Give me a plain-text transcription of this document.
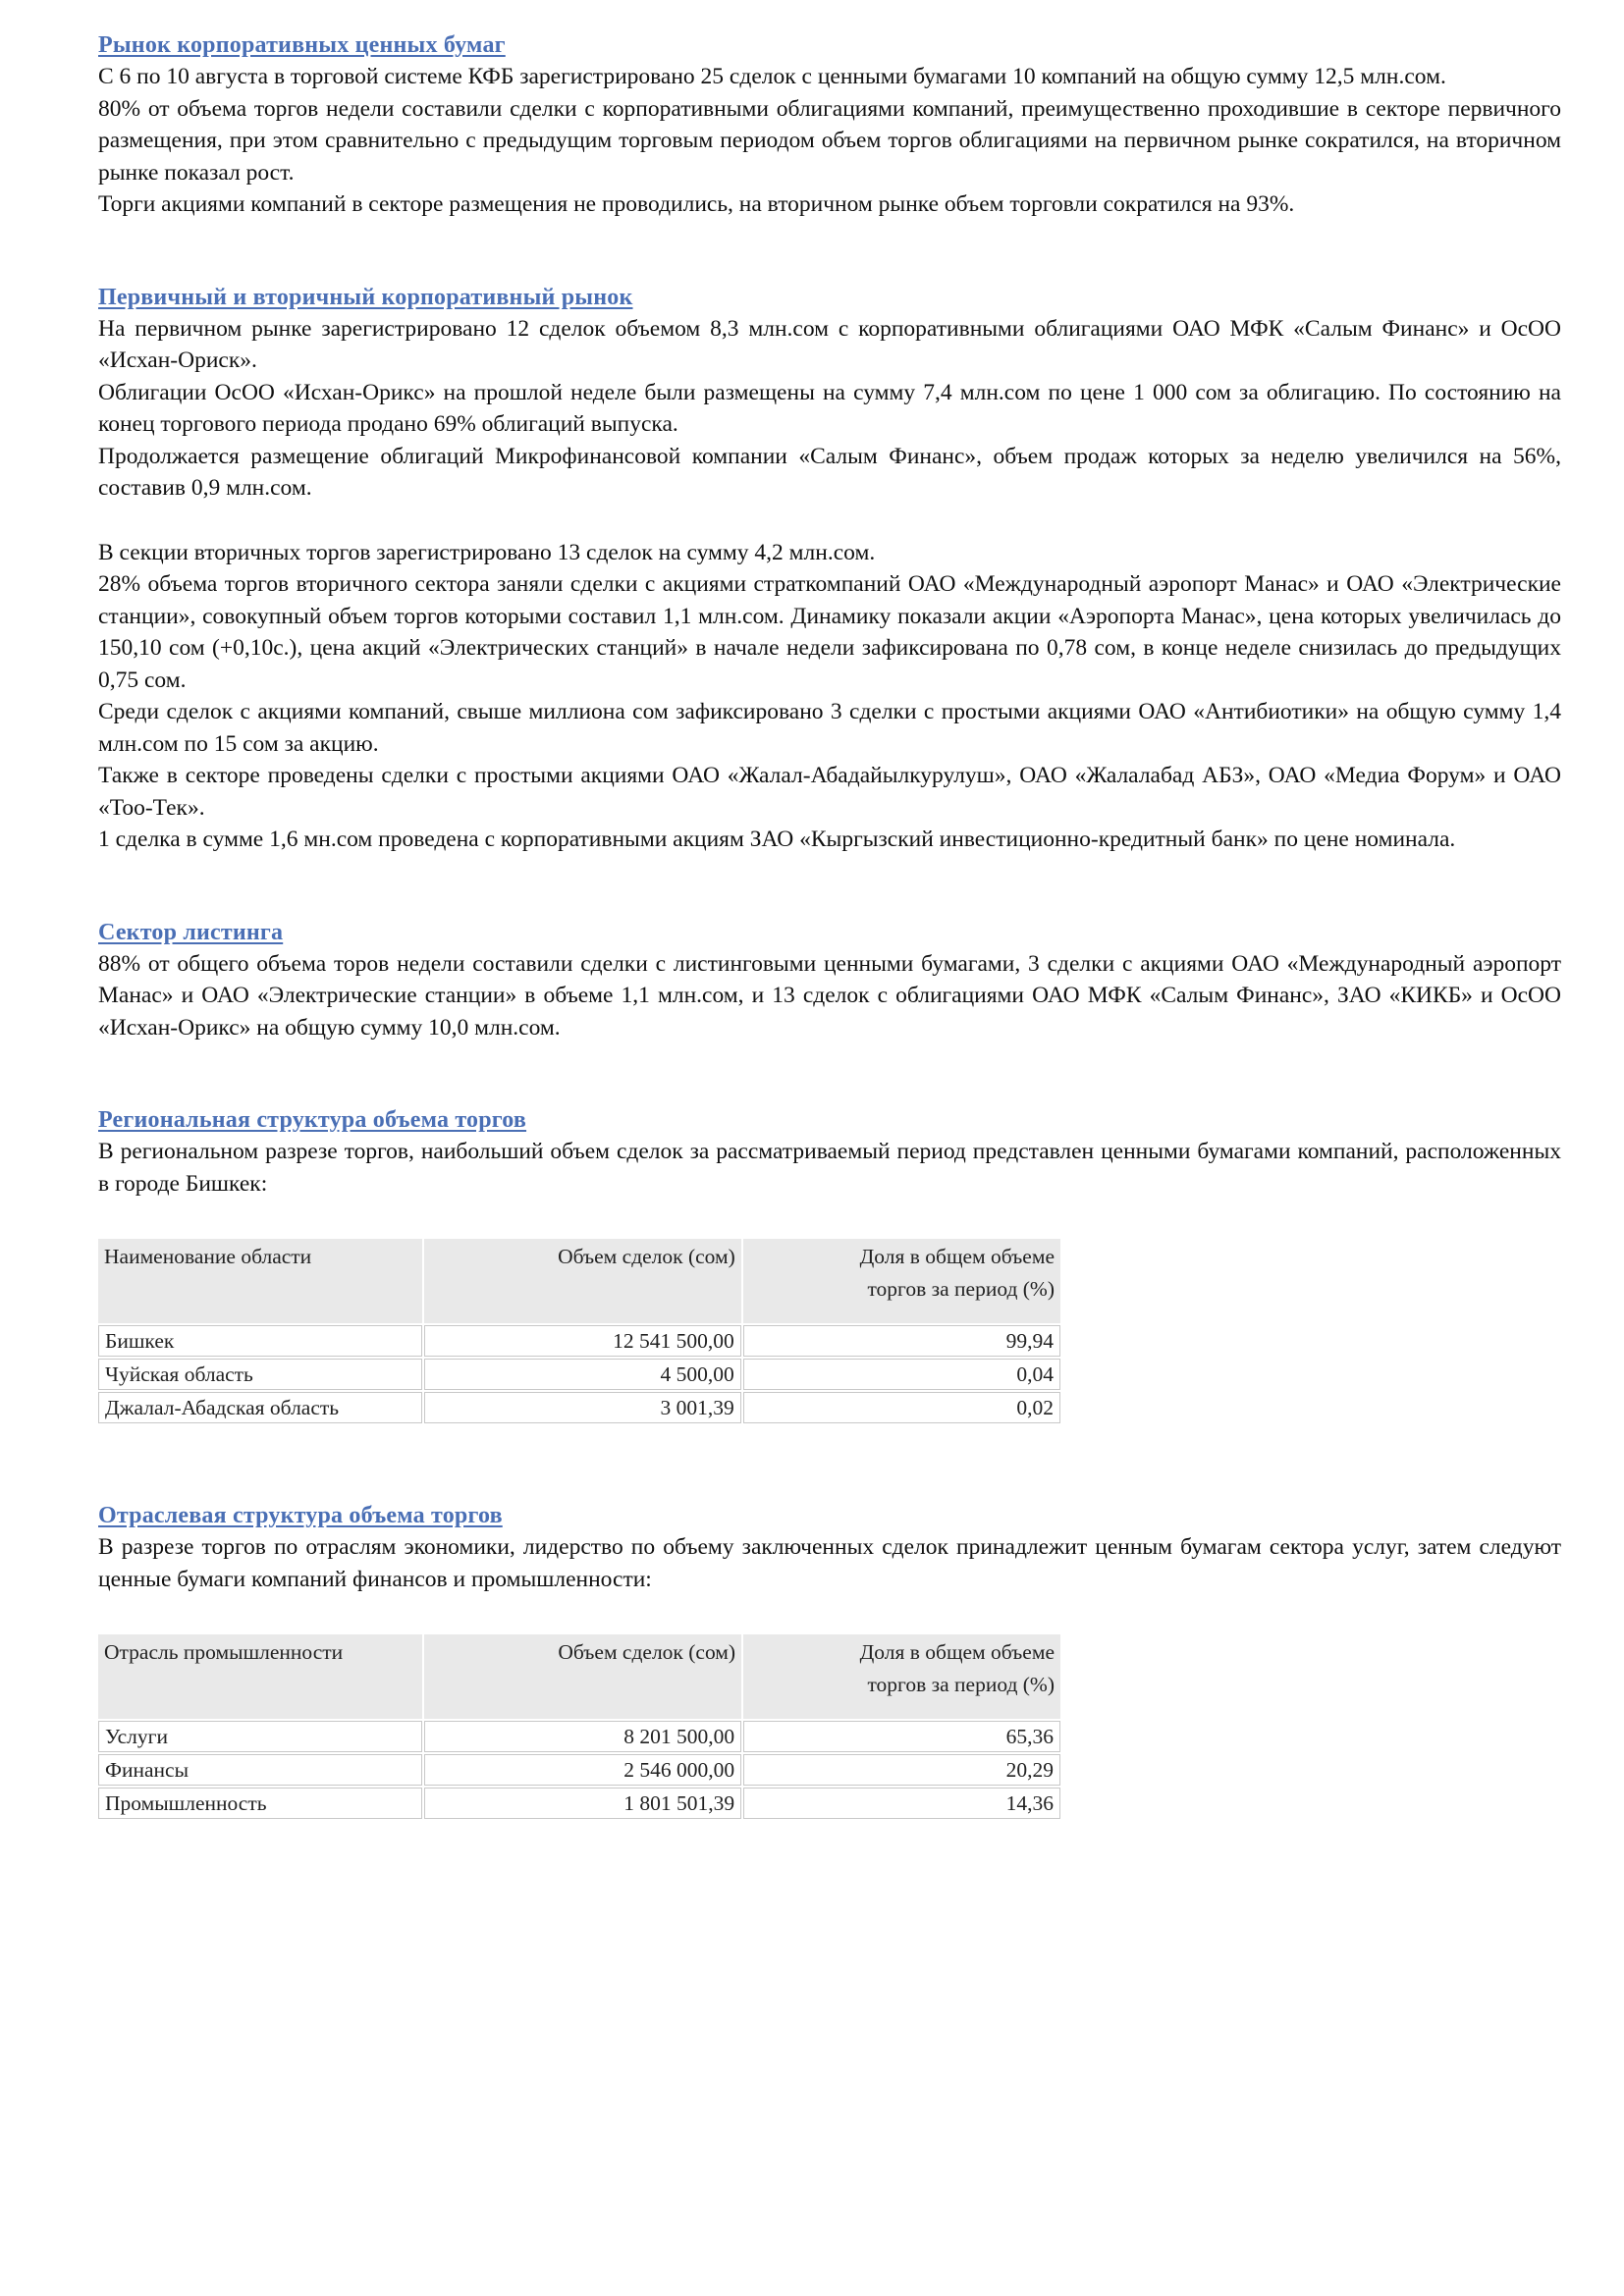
Рынок корпоративных ценных бумаг

С 6 по 10 августа в торговой системе КФБ зарегистрировано 25 сделок с ценными бумагами 10 компаний на общую сумму 12,5 млн.сом.

80% от объема торгов недели составили сделки с корпоративными облигациями компаний, преимущественно проходившие в секторе первичного размещения, при этом сравнительно с предыдущим торговым периодом объем торгов облигациями на первичном рынке сократился, на вторичном рынке показал рост.

Торги акциями компаний в секторе размещения не проводились, на вторичном рынке объем торговли сократился на 93%.

Первичный и вторичный корпоративный рынок

На первичном рынке зарегистрировано 12 сделок объемом 8,3 млн.сом с корпоративными облигациями ОАО МФК «Салым Финанс» и ОсОО «Исхан-Ориск».

Облигации ОсОО «Исхан-Орикс» на прошлой неделе были размещены на сумму 7,4 млн.сом по цене 1 000 сом за облигацию. По состоянию на конец торгового периода продано 69% облигаций выпуска.

Продолжается размещение облигаций Микрофинансовой компании «Салым Финанс», объем продаж которых за неделю увеличился на 56%, составив 0,9 млн.сом.

В секции вторичных торгов зарегистрировано 13 сделок на сумму 4,2 млн.сом.

28% объема торгов вторичного сектора заняли сделки с акциями страткомпаний ОАО «Международный аэропорт Манас» и ОАО «Электрические станции», совокупный объем торгов которыми составил 1,1 млн.сом. Динамику показали акции «Аэропорта Манас», цена которых увеличилась до 150,10 сом (+0,10с.), цена акций «Электрических станций» в начале недели зафиксирована по 0,78 сом, в конце неделе снизилась до предыдущих 0,75 сом.

Среди сделок с акциями компаний, свыше миллиона сом зафиксировано 3 сделки с простыми акциями ОАО «Антибиотики» на общую сумму 1,4 млн.сом по 15 сом за акцию.

Также в секторе проведены сделки с простыми акциями ОАО «Жалал-Абадайылкурулуш», ОАО «Жалалабад АБЗ», ОАО «Медиа Форум» и ОАО «Тоо-Тек».

1 сделка в сумме 1,6 мн.сом проведена с корпоративными акциям ЗАО «Кыргызский инвестиционно-кредитный банк» по цене номинала.

Сектор листинга

88% от общего объема торов недели составили сделки с листинговыми ценными бумагами, 3 сделки с акциями ОАО «Международный аэропорт Манас» и ОАО «Электрические станции» в объеме 1,1 млн.сом, и 13 сделок с облигациями ОАО МФК «Салым Финанс», ЗАО «КИКБ» и ОсОО «Исхан-Орикс» на общую сумму 10,0 млн.сом.

Региональная структура объема торгов

В региональном разрезе торгов, наибольший объем сделок за рассматриваемый период представлен ценными бумагами компаний, расположенных в городе Бишкек:

Наименование области	Объем сделок (сом)	Доля в общем объеме
торгов за период (%)

Бишкек	12 541 500,00	99,94
Чуйская область	4 500,00	0,04
Джалал-Абадская область	3 001,39	0,02
Отраслевая структура объема торгов

В разрезе торгов по отраслям экономики, лидерство по объему заключенных сделок принадлежит ценным бумагам сектора услуг, затем следуют ценные бумаги компаний финансов и промышленности:

Отрасль промышленности	Объем сделок (сом)	Доля в общем объеме
торгов за период (%)

Услуги	8 201 500,00	65,36
Финансы	2 546 000,00	20,29
Промышленность	1 801 501,39	14,36
